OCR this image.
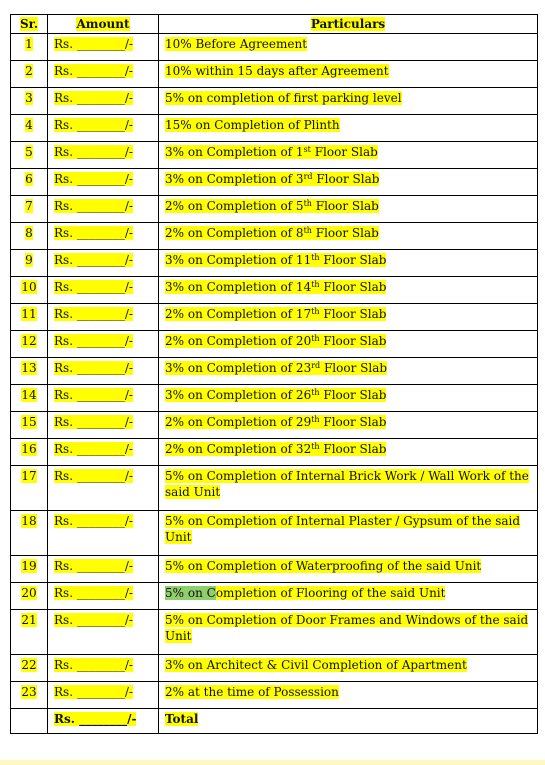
Sr.	Amount	Particulars
1	Rs. ________/-	10% Before Agreement
2	Rs. ________/-	10% within 15 days after Agreement
3	Rs. ________/-	5% on completion of first parking level
4	Rs. ________/-	15% on Completion of Plinth
5	Rs. ________/-	3% on Completion of 1st Floor Slab
6	Rs. ________/-	3% on Completion of 3rd Floor Slab
7	Rs. ________/-	2% on Completion of 5th Floor Slab
8	Rs. ________/-	2% on Completion of 8th Floor Slab
9	Rs. ________/-	3% on Completion of 11th Floor Slab
10	Rs. ________/-	3% on Completion of 14th Floor Slab
11	Rs. ________/-	2% on Completion of 17th Floor Slab
12	Rs. ________/-	2% on Completion of 20th Floor Slab
13	Rs. ________/-	3% on Completion of 23rd Floor Slab
14	Rs. ________/-	3% on Completion of 26th Floor Slab
15	Rs. ________/-	2% on Completion of 29th Floor Slab
16	Rs. ________/-	2% on Completion of 32th Floor Slab
17	Rs. ________/-	5% on Completion of Internal Brick Work / Wall Work of the said Unit
18	Rs. ________/-	5% on Completion of Internal Plaster / Gypsum of the said Unit
19	Rs. ________/-	5% on Completion of Waterproofing of the said Unit
20	Rs. ________/-	5% on Completion of Flooring of the said Unit
21	Rs. ________/-	5% on Completion of Door Frames and Windows of the said Unit
22	Rs. ________/-	3% on Architect & Civil Completion of Apartment
23	Rs. ________/-	2% at the time of Possession
	Rs. ________/-	Total
